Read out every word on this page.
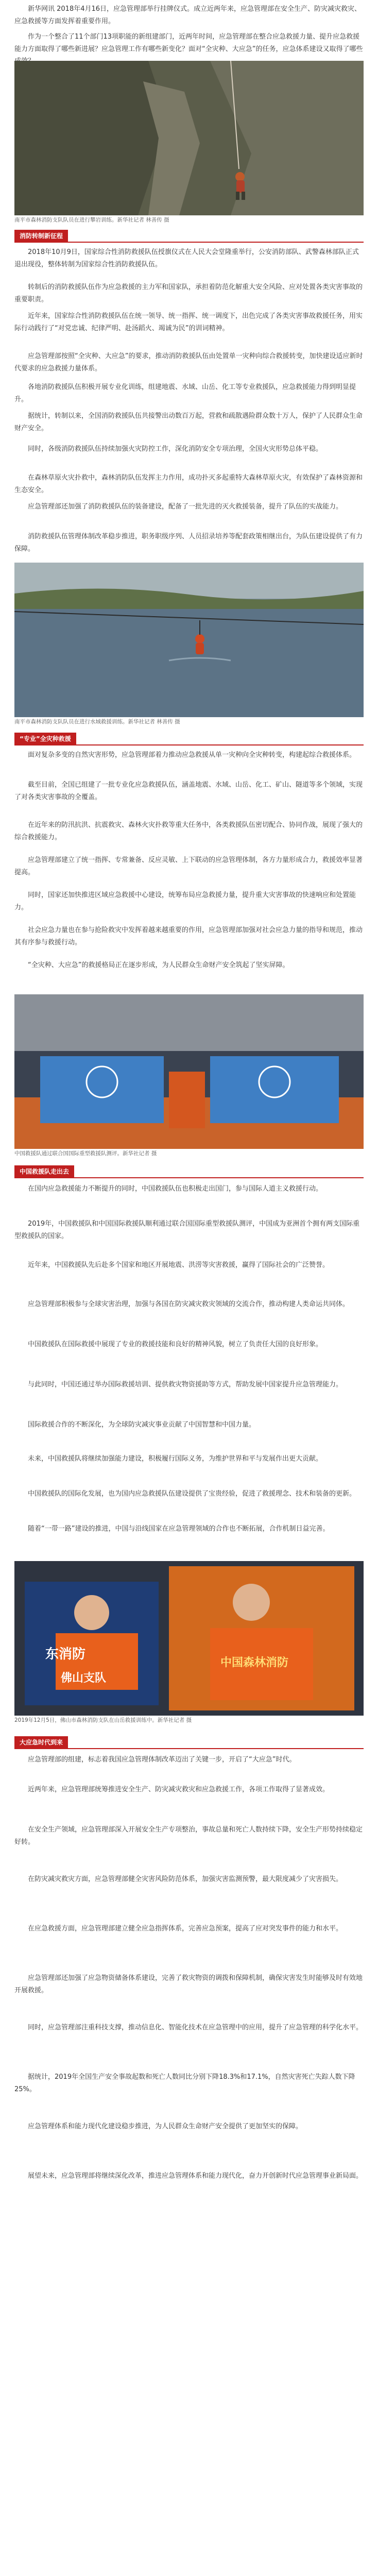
新华网讯 2018年4月16日，应急管理部举行挂牌仪式。成立近两年来，应急管理部在安全生产、防灾减灾救灾、应急救援等方面发挥着重要作用。

作为一个整合了11个部门13项职能的新组建部门，近两年时间，应急管理部在整合应急救援力量、提升应急救援能力方面取得了哪些新进展？应急管理工作有哪些新变化？面对“全灾种、大应急”的任务，应急体系建设又取得了哪些

南平市森林消防支队队员在进行攀岩训练。新华社记者 林善传 摄
消防转制新征程

2018年10月9日，国家综合性消防救援队伍授旗仪式在人民大会堂隆重举行，公安消防部队、武警森林部队正式退出现役，整体转制为国家综合性消防救援队伍。

转制后的消防救援队伍作为应急救援的主力军和国家队，承担着防范化解重大安全风险、应对处置各类灾害事故的重要职责。

近年来，国家综合性消防救援队伍在统一领导、统一指挥、统一调度下，出色完成了各类灾害事故救援任务，用实际行动践行了“对党忠诚、纪律严明、赴汤蹈火、竭诚为民”的训词精神。

应急管理部按照“全灾种、大应急”的要求，推动消防救援队伍由处置单一灾种向综合救援转变，加快建设适应新时代要求的应急救援力量体系。

各地消防救援队伍积极开展专业化训练，组建地震、水域、山岳、化工等专业救援队，应急救援能力得到明显提升。

据统计，转制以来，全国消防救援队伍共接警出动数百万起，营救和疏散遇险群众数十万人，保护了人民群众生命财产安全。

同时，各级消防救援队伍持续加强火灾防控工作，深化消防安全专项治理，全国火灾形势总体平稳。

在森林草原火灾扑救中，森林消防队伍发挥主力作用，成功扑灭多起重特大森林草原火灾，有效保护了森林资源和生态安全。

应急管理部还加强了消防救援队伍的装备建设，配备了一批先进的灭火救援装备，提升了队伍的实战能力。

消防救援队伍管理体制改革稳步推进，职务职级序列、人员招录培养等配套政策相继出台，为队伍建设提供了有力保障。

南平市森林消防支队队员在进行水域救援训练。新华社记者 林善传 摄
“专业”全灾种救援

面对复杂多变的自然灾害形势，应急管理部着力推动应急救援从单一灾种向全灾种转变，构建起综合救援体系。

截至目前，全国已组建了一批专业化应急救援队伍，涵盖地震、水域、山岳、化工、矿山、隧道等多个领域，实现了对各类灾害事故的全覆盖。

在近年来的防汛抗洪、抗震救灾、森林火灾扑救等重大任务中，各类救援队伍密切配合、协同作战，展现了强大的综合救援能力。

应急管理部建立了统一指挥、专常兼备、反应灵敏、上下联动的应急管理体制，各方力量形成合力，救援效率显著提高。

同时，国家还加快推进区域应急救援中心建设，统筹布局应急救援力量，提升重大灾害事故的快速响应和处置能力。

社会应急力量也在参与抢险救灾中发挥着越来越重要的作用，应急管理部加强对社会应急力量的指导和规范，推动其有序参与救援行动。

“全灾种、大应急”的救援格局正在逐步形成，为人民群众生命财产安全筑起了坚实屏障。

中国救援队通过联合国国际重型救援队测评。新华社记者 摄
中国救援队走出去

在国内应急救援能力不断提升的同时，中国救援队伍也积极走出国门，参与国际人道主义救援行动。

2019年，中国救援队和中国国际救援队顺利通过联合国国际重型救援队测评，中国成为亚洲首个拥有两支国际重型救援队的国家。

近年来，中国救援队先后赴多个国家和地区开展地震、洪涝等灾害救援，赢得了国际社会的广泛赞誉。

应急管理部积极参与全球灾害治理，加强与各国在防灾减灾救灾领域的交流合作，推动构建人类命运共同体。

中国救援队在国际救援中展现了专业的救援技能和良好的精神风貌，树立了负责任大国的良好形象。

与此同时，中国还通过举办国际救援培训、提供救灾物资援助等方式，帮助发展中国家提升应急管理能力。

国际救援合作的不断深化，为全球防灾减灾事业贡献了中国智慧和中国力量。

未来，中国救援队将继续加强能力建设，积极履行国际义务，为维护世界和平与发展作出更大贡献。

中国救援队的国际化发展，也为国内应急救援队伍建设提供了宝贵经验，促进了救援理念、技术和装备的更新。

随着“一带一路”建设的推进，中国与沿线国家在应急管理领域的合作也不断拓展，合作机制日益完善。

佛山支队
东消防
中国森林消防
2019年12月5日，佛山市森林消防支队在山岳救援训练中。新华社记者 摄
大应急时代到来

应急管理部的组建，标志着我国应急管理体制改革迈出了关键一步，开启了“大应急”时代。

近两年来，应急管理部统筹推进安全生产、防灾减灾救灾和应急救援工作，各项工作取得了显著成效。

在安全生产领域，应急管理部深入开展安全生产专项整治，事故总量和死亡人数持续下降，安全生产形势持续稳定好转。

在防灾减灾救灾方面，应急管理部健全灾害风险防范体系，加强灾害监测预警，最大限度减少了灾害损失。

在应急救援方面，应急管理部建立健全应急指挥体系，完善应急预案，提高了应对突发事件的能力和水平。

应急管理部还加强了应急物资储备体系建设，完善了救灾物资的调拨和保障机制，确保灾害发生时能够及时有效地开展救援。

同时，应急管理部注重科技支撑，推动信息化、智能化技术在应急管理中的应用，提升了应急管理的科学化水平。

据统计，2019年全国生产安全事故起数和死亡人数同比分别下降18.3%和17.1%，自然灾害死亡失踪人数下降25%。

应急管理体系和能力现代化建设稳步推进，为人民群众生命财产安全提供了更加坚实的保障。

展望未来，应急管理部将继续深化改革，推进应急管理体系和能力现代化，奋力开创新时代应急管理事业新局面。
